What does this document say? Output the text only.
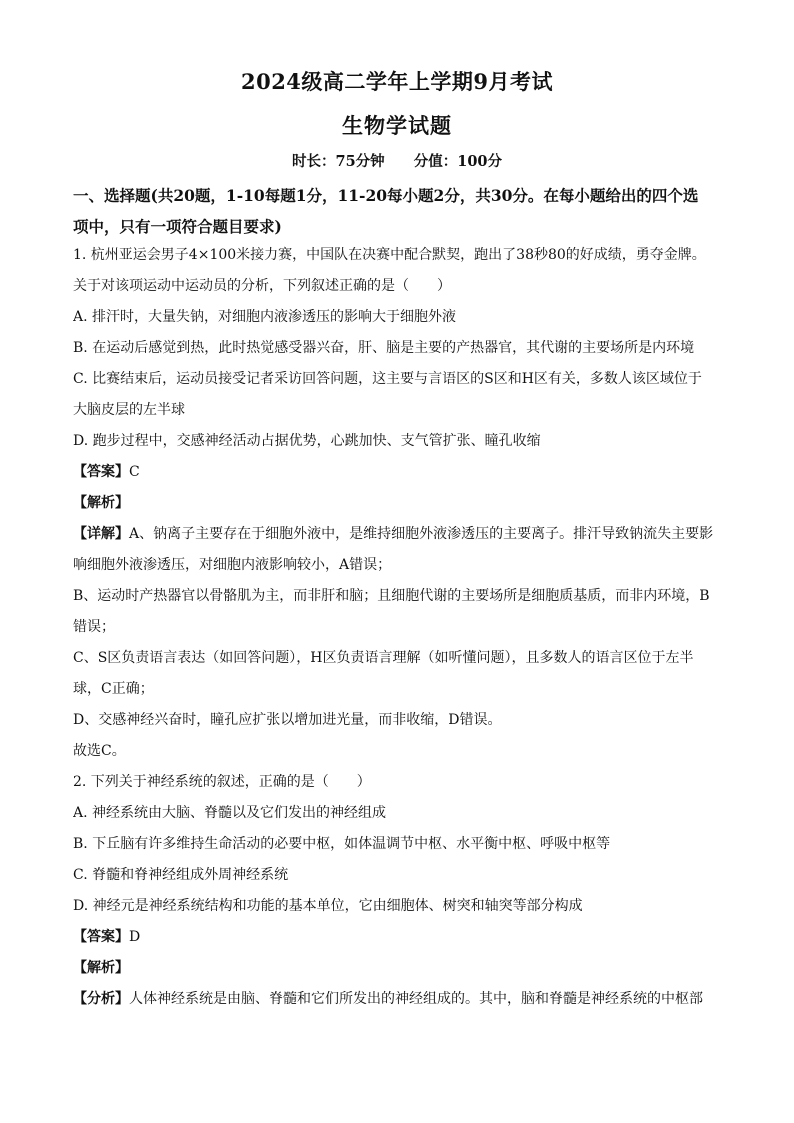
2024级高二学年上学期9月考试
生物学试题
时长：75分钟 分值：100分
一、选择题(共20题，1-10每题1分，11-20每小题2分，共30分。在每小题给出的四个选
项中，只有一项符合题目要求)

1. 杭州亚运会男子4×100米接力赛，中国队在决赛中配合默契，跑出了38秒80的好成绩，勇夺金牌。

关于对该项运动中运动员的分析，下列叙述正确的是（　　）

A. 排汗时，大量失钠，对细胞内液渗透压的影响大于细胞外液

B. 在运动后感觉到热，此时热觉感受器兴奋，肝、脑是主要的产热器官，其代谢的主要场所是内环境

C. 比赛结束后，运动员接受记者采访回答问题，这主要与言语区的S区和H区有关，多数人该区域位于

大脑皮层的左半球

D. 跑步过程中，交感神经活动占据优势，心跳加快、支气管扩张、瞳孔收缩

【答案】C

【解析】

【详解】A、钠离子主要存在于细胞外液中，是维持细胞外液渗透压的主要离子。排汗导致钠流失主要影

响细胞外液渗透压，对细胞内液影响较小，A错误；

B、运动时产热器官以骨骼肌为主，而非肝和脑；且细胞代谢的主要场所是细胞质基质，而非内环境，B

错误；

C、S区负责语言表达（如回答问题），H区负责语言理解（如听懂问题），且多数人的语言区位于左半

球，C正确；

D、交感神经兴奋时，瞳孔应扩张以增加进光量，而非收缩，D错误。

故选C。

2. 下列关于神经系统的叙述，正确的是（　　）

A. 神经系统由大脑、脊髓以及它们发出的神经组成

B. 下丘脑有许多维持生命活动的必要中枢，如体温调节中枢、水平衡中枢、呼吸中枢等

C. 脊髓和脊神经组成外周神经系统

D. 神经元是神经系统结构和功能的基本单位，它由细胞体、树突和轴突等部分构成

【答案】D

【解析】

【分析】人体神经系统是由脑、脊髓和它们所发出的神经组成的。其中，脑和脊髓是神经系统的中枢部
